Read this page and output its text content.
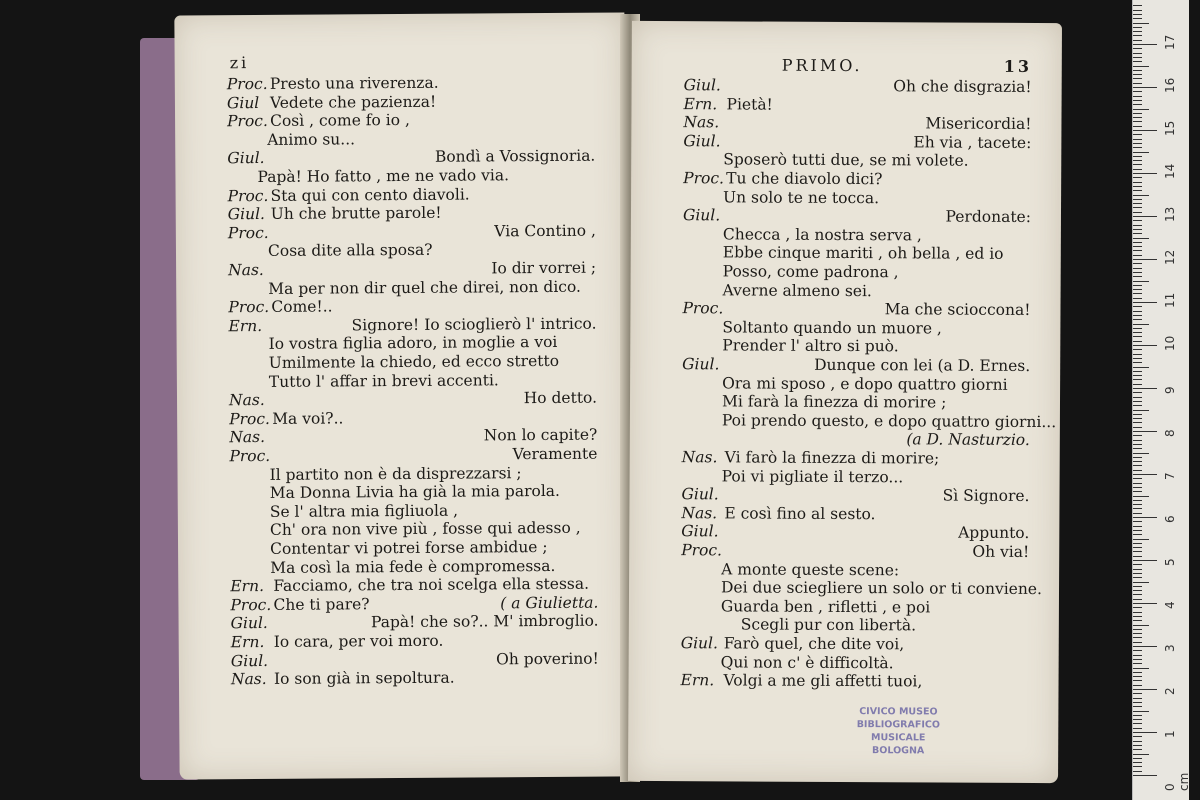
zi
Proc. Presto una riverenza.
Giul Vedete che pazienza!
Proc. Così , come fo io ,
Animo su...
Giul.	Bondì a Vossignoria.
Papà! Ho fatto , me ne vado via.
Proc. Sta qui con cento diavoli.
Giul. Uh che brutte parole!
Proc.	Via Contino ,
Cosa dite alla sposa?
Nas.	Io dir vorrei ;
Ma per non dir quel che direi, non dico.
Proc. Come!..
Ern.	Signore! Io scioglierò l' intrico.
Io vostra figlia adoro, in moglie a voi
Umilmente la chiedo, ed ecco stretto
Tutto l' affar in brevi accenti.
Nas.	Ho detto.
Proc. Ma voi?..
Nas.	Non lo capite?
Proc.	Veramente
Il partito non è da disprezzarsi ;
Ma Donna Livia ha già la mia parola.
Se l' altra mia figliuola ,
Ch' ora non vive più , fosse qui adesso ,
Contentar vi potrei forse ambidue ;
Ma così la mia fede è compromessa.
Ern. Facciamo, che tra noi scelga ella stessa.
Proc. Che ti pare?	( a Giulietta.
Giul.	Papà! che so?.. M' imbroglio.
Ern. Io cara, per voi moro.
Giul.	Oh poverino!
Nas. Io son già in sepoltura.
PRIMO.	13
Giul.	Oh che disgrazia!
Ern. Pietà!
Nas.	Misericordia!
Giul.	Eh via , tacete:
Sposerò tutti due, se mi volete.
Proc. Tu che diavolo dici?
Un solo te ne tocca.
Giul.	Perdonate:
Checca , la nostra serva ,
Ebbe cinque mariti , oh bella , ed io
Posso, come padrona ,
Averne almeno sei.
Proc.	Ma che scioccona!
Soltanto quando un muore ,
Prender l' altro si può.
Giul.	Dunque con lei (a D. Ernes.
Ora mi sposo , e dopo quattro giorni
Mi farà la finezza di morire ;
Poi prendo questo, e dopo quattro giorni...
(a D. Nasturzio.
Nas. Vi farò la finezza di morire;
Poi vi pigliate il terzo...
Giul.	Sì Signore.
Nas. E così fino al sesto.
Giul.	Appunto.
Proc.	Oh via!
A monte queste scene:
Dei due sciegliere un solo or ti conviene.
Guarda ben , rifletti , e poi
Scegli pur con libertà.
Giul. Farò quel, che dite voi,
Qui non c' è difficoltà.
Ern. Volgi a me gli affetti tuoi,
CIVICO MUSEO
BIBLIOGRAFICO MUSICALE
BOLOGNA
0 cm
1
2
3
4
5
6
7
8
9
10
11
12
13
14
15
16
17
